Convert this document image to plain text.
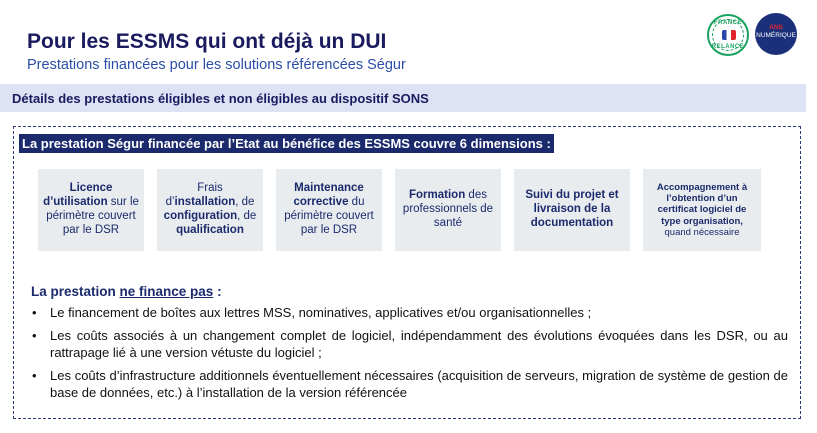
Pour les ESSMS qui ont déjà un DUI
Prestations financées pour les solutions référencées Ségur
FRANCE
RELANCE
ANS
NUMÉRIQUE
Détails des prestations éligibles et non éligibles au dispositif SONS
La prestation Ségur financée par l’Etat au bénéfice des ESSMS couvre 6 dimensions :
Licence d’utilisation sur le périmètre couvert par le DSR
Frais d’installation, de configuration, de qualification
Maintenance corrective du périmètre couvert par le DSR
Formation des professionnels de santé
Suivi du projet et livraison de la documentation
Accompagnement à l’obtention d’un certificat logiciel de type organisation, quand nécessaire
La prestation ne finance pas :
• Le financement de boîtes aux lettres MSS, nominatives, applicatives et/ou organisationnelles ;
• Les coûts associés à un changement complet de logiciel, indépendamment des évolutions évoquées dans les DSR, ou au rattrapage lié à une version vétuste du logiciel ;
• Les coûts d’infrastructure additionnels éventuellement nécessaires (acquisition de serveurs, migration de système de gestion de base de données, etc.) à l’installation de la version référencée
